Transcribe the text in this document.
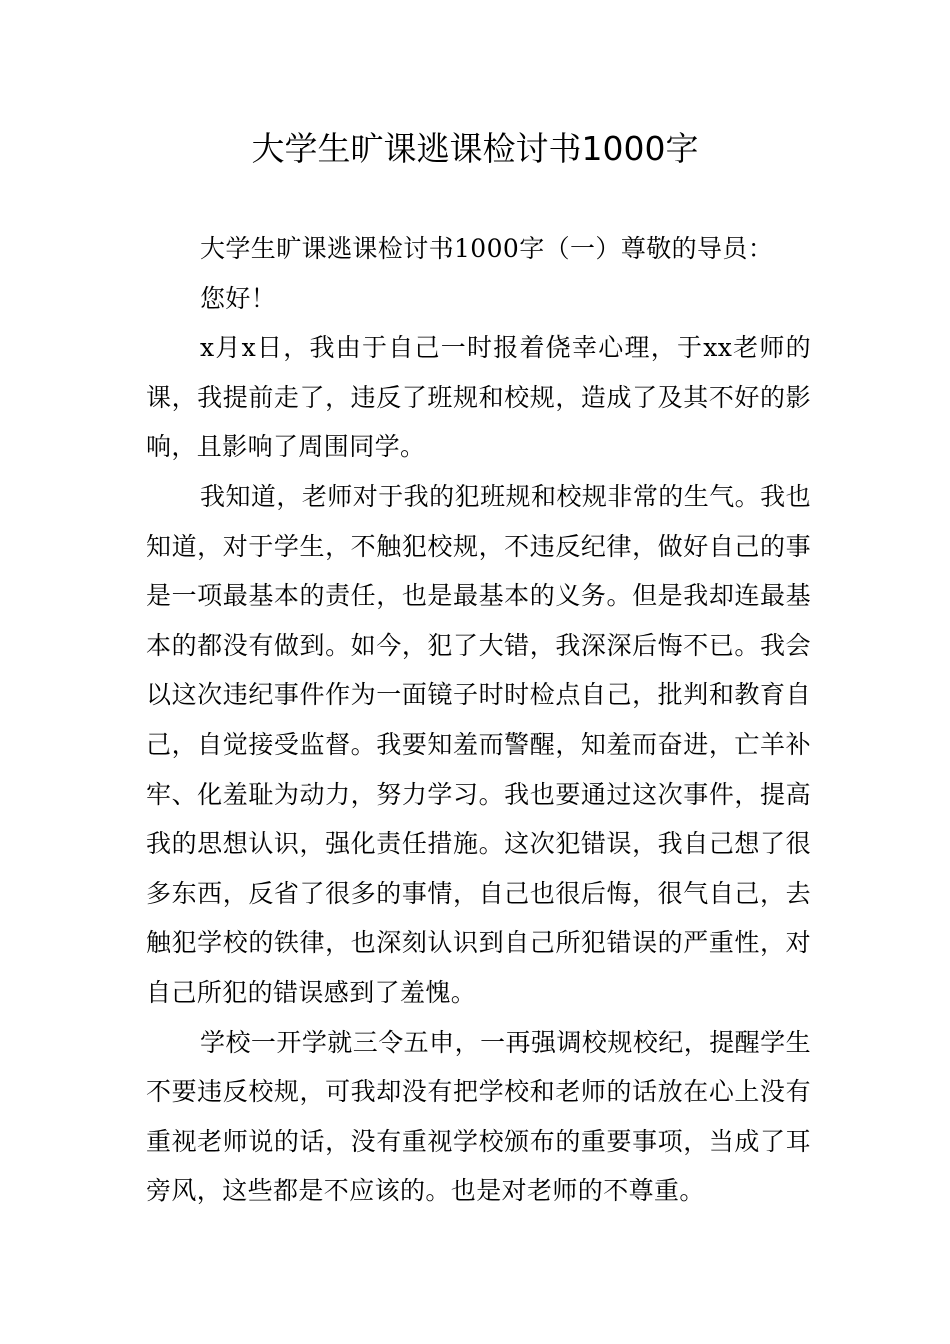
大学生旷课逃课检讨书1000字

大学生旷课逃课检讨书1000字（一）尊敬的导员：

您好！

x月x日，我由于自己一时报着侥幸心理，于xx老师的课，我提前走了，违反了班规和校规，造成了及其不好的影响，且影响了周围同学。

我知道，老师对于我的犯班规和校规非常的生气。我也知道，对于学生，不触犯校规，不违反纪律，做好自己的事是一项最基本的责任，也是最基本的义务。但是我却连最基本的都没有做到。如今，犯了大错，我深深后悔不已。我会以这次违纪事件作为一面镜子时时检点自己，批判和教育自己，自觉接受监督。我要知羞而警醒，知羞而奋进，亡羊补牢、化羞耻为动力，努力学习。我也要通过这次事件，提高我的思想认识，强化责任措施。这次犯错误，我自己想了很多东西，反省了很多的事情，自己也很后悔，很气自己，去触犯学校的铁律，也深刻认识到自己所犯错误的严重性，对自己所犯的错误感到了羞愧。

学校一开学就三令五申，一再强调校规校纪，提醒学生不要违反校规，可我却没有把学校和老师的话放在心上没有重视老师说的话，没有重视学校颁布的重要事项，当成了耳旁风，这些都是不应该的。也是对老师的不尊重。
